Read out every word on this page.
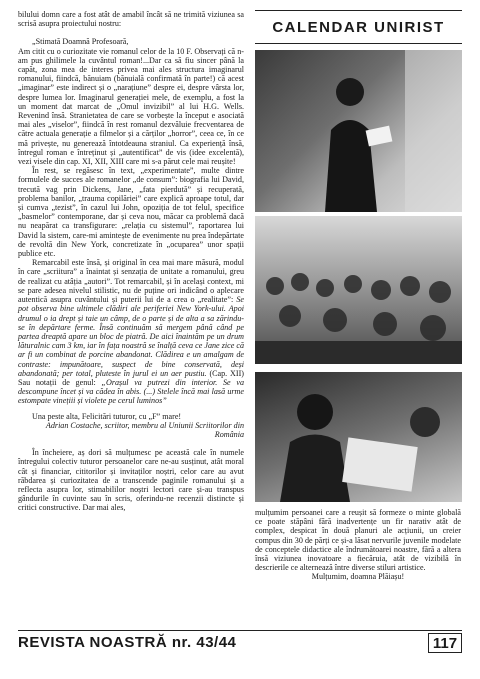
bilului domn care a fost atât de amabil încât să ne trimită viziunea sa scrisă asupra proiectului nostru:

„Stimată Doamnă Profesoară,

Am citit cu o curiozitate vie romanul celor de la 10 F. Observați că n-am pus ghilimele la cuvântul roman!...Dar ca să fiu sincer până la capăt, zona mea de interes privea mai ales structura imaginarul romanului, fiindcă, bănuiam (bănuială confirmată în parte!) că acest „imaginar” este indirect și o „narațiune” despre ei, despre vârsta lor, despre lumea lor. Imaginarul generației mele, de exemplu, a fost la un moment dat marcat de „Omul invizibil” al lui H.G. Wells. Revenind însă. Stranietatea de care se vorbește la început e asociată mai ales „viselor”, fiindcă în rest romanul dezvăluie frecventarea de către actuala generație a filmelor și a cărților „horror”, ceea ce, în ce mă privește, nu generează întotdeauna straniul. Ca experiență însă, întregul roman e întreținut și „autentificat” de vis (idee excelentă), vezi visele din cap. XI, XII, XIII care mi s-a părut cele mai reușite!

În rest, se regăsesc în text, „experimentate”, multe dintre formulele de succes ale romanelor „de consum”: biografia lui David, trecută vag prin Dickens, Jane, „fata pierdută” și recuperată, problema banilor, „trauma copilăriei” care explică aproape totul, dar și cumva „tezist”, în cazul lui John, opoziția de tot felul, specifice „basmelor” contemporane, dar și ceva nou, măcar ca problemă dacă nu neapărat ca transfigurare: „relația cu sistemul”, raportarea lui David la sistem, care-mi amintește de evenimente nu prea îndepărtate de revoltă din New York, concretizate în „ocuparea” unor spații publice etc.

Remarcabil este însă, și original în cea mai mare măsură, modul în care „scriitura” a înaintat și senzația de unitate a romanului, greu de realizat cu atâția „autori”. Tot remarcabil, și în același context, mi se pare adesea nivelul stilistic, nu de puține ori indicând o aplecare autentică asupra cuvântului și puterii lui de a crea o „realitate”: Se pot observa bine ultimele clădiri ale periferiei New York-ului. Apoi drumul o ia drept și taie un câmp, de o parte și de alta a sa zărindu-se în depărtare ferme. Însă continuăm să mergem până când pe partea dreaptă apare un bloc de piatră. De aici înaintăm pe un drum lăturalnic cam 3 km, iar în fața noastră se înalță ceva ce Jane zice că ar fi un combinat de porcine abandonat. Clădirea e un amalgam de contraste: impunătoare, suspect de bine conservată, deși abandonată; per total, pluteste în jurul ei un aer pustiu. (Cap. XII) Sau notații de genul: „Orașul va putrezi din interior. Se va descompune încet și va cădea în abis. (...) Stelele încă mai lasă urme estompate vinețiii și violete pe cerul luminos”

Una peste alta, Felicitări tuturor, cu „F” mare!

Adrian Costache, scriitor, membru al Uniunii Scriitorilor din România

În încheiere, aș dori să mulțumesc pe această cale în numele întregului colectiv tuturor persoanelor care ne-au susținut, atât moral cât și financiar, cititorilor și invitaților noștri, celor care au avut răbdarea și curiozitatea de a transcende paginile romanului și a reflecta asupra lor, stimabililor noștri lectori care și-au transpus gândurile în cuvinte sau în scris, oferindu-ne recenzii distincte și critici constructive. Dar mai ales,

CALENDAR UNIRIST

mulțumim persoanei care a reușit să formeze o minte globală ce poate stăpâni fără inadvertențe un fir narativ atât de complex, despicat în două planuri ale acțiunii, un creier compus din 30 de părți ce și-a lăsat nervurile juvenile modelate de conceptele didactice ale îndrumătoarei noastre, fără a altera însă viziunea inovatoare a fiecăruia, atât de vizibilă în descrierile ce alternează între diverse stiluri artistice.

Mulțumim, doamna Plăiașu!

REVISTA NOASTRĂ nr. 43/44	117
